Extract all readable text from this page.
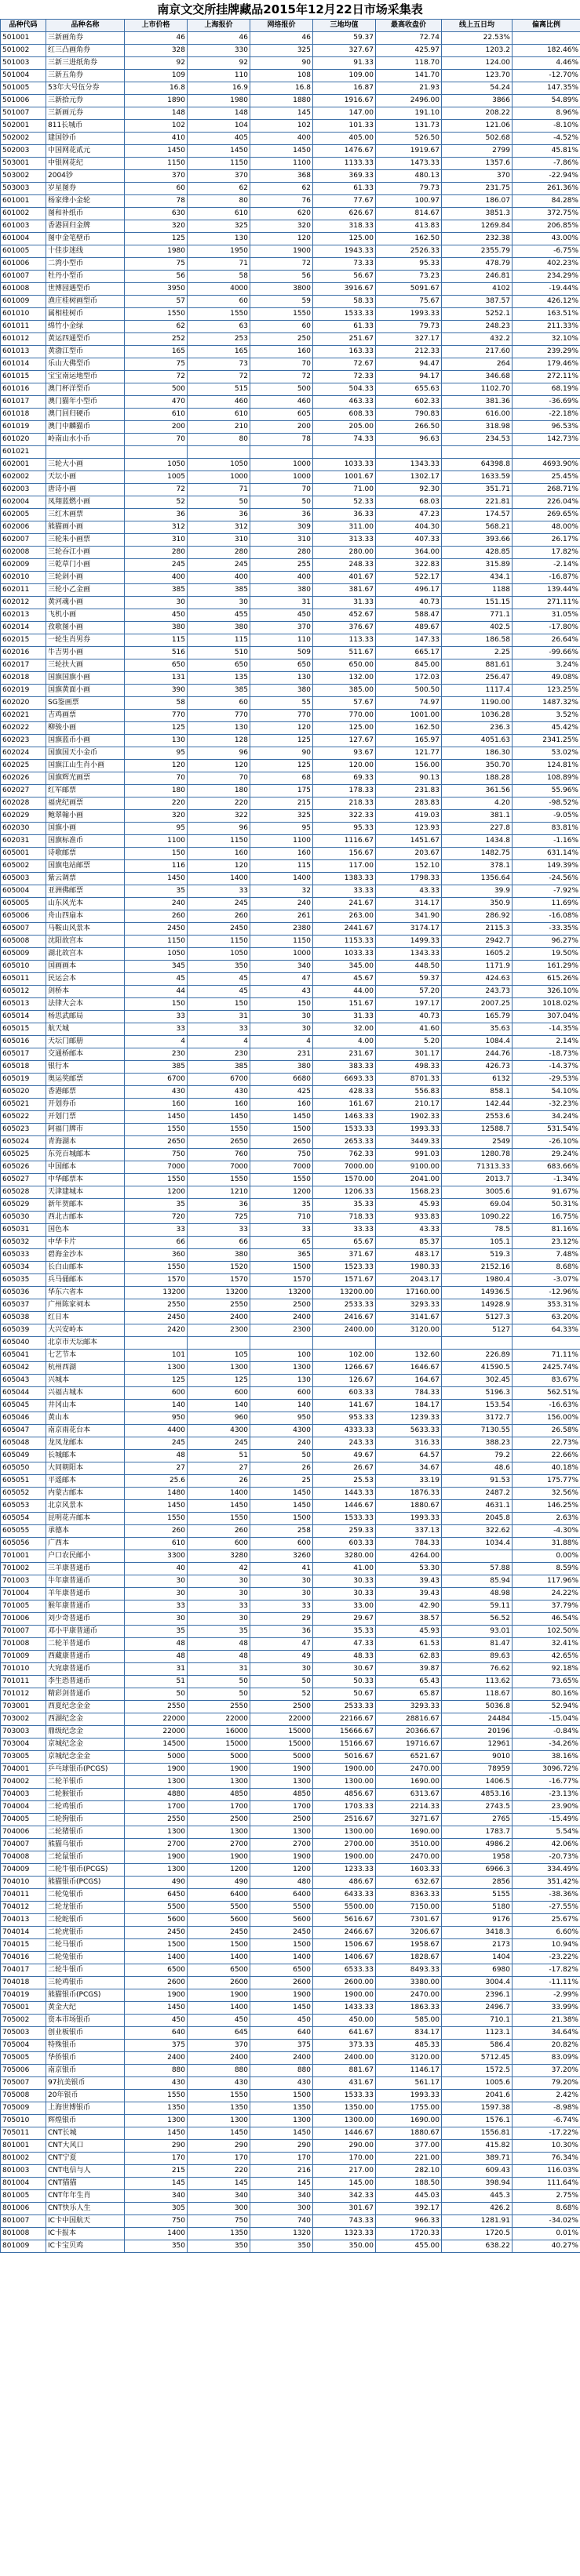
南京文交所挂牌藏品2015年12月22日市场采集表
品种代码	品种名称	上市价格	上海报价	网络报价	三地均值	最高收盘价	线上五日均	偏离比例
501001	三新画角券	46	46	46	59.37	72.74	22.53%	
501002	红三凸画角券	328	330	325	327.67	425.97	1203.2	182.46%
501003	三新三进纸角券	92	92	90	91.33	118.70	124.00	4.46%
501004	三新五角券	109	110	108	109.00	141.70	123.70	-12.70%
501005	53年大号伍分券	16.8	16.9	16.8	16.87	21.93	54.24	147.35%
501006	三新拾元券	1890	1980	1880	1916.67	2496.00	3866	54.89%
501007	三新画元券	148	148	145	147.00	191.10	208.22	8.96%
502001	811长城币	102	104	102	101.33	131.73	121.06	-8.10%
502002	建国钞币	410	405	400	405.00	526.50	502.68	-4.52%
502003	中国网花贰元	1450	1450	1450	1476.67	1919.67	2799	45.81%
503001	中银网花纪	1150	1150	1100	1133.33	1473.33	1357.6	-7.86%
503002	2004钞	370	370	368	369.33	480.13	370	-22.94%
503003	岁星图券	60	62	62	61.33	79.73	231.75	261.36%
601001	杨家烽小金轮	78	80	76	77.67	100.97	186.07	84.28%
601002	图和补纸币	630	610	620	626.67	814.67	3851.3	372.75%
601003	香港回归金牌	320	325	320	318.33	413.83	1269.84	206.85%
601004	图中金笔壁币	125	130	120	125.00	162.50	232.38	43.00%
601005	十佳步迷线	1980	1950	1900	1943.33	2526.33	2355.79	-6.75%
601006	二湾小型币	75	71	72	73.33	95.33	478.79	402.23%
601007	牡丹小型币	56	58	56	56.67	73.23	246.81	234.29%
601008	世博园遇型币	3950	4000	3800	3916.67	5091.67	4102	-19.44%
601009	渔庄桂树画型币	57	60	59	58.33	75.67	387.57	426.12%
601010	属相桂树币	1550	1550	1550	1533.33	1993.33	5252.1	163.51%
601011	绵竹小金绿	62	63	60	61.33	79.73	248.23	211.33%
601012	黄运四通型币	252	253	250	251.67	327.17	432.2	32.10%
601013	黄渤江型币	165	165	160	163.33	212.33	217.60	239.29%
601014	乐山大佛型币	75	73	70	72.67	94.47	264	179.46%
601015	宝宝南运地型币	72	72	72	72.33	94.17	346.68	272.11%
601016	澳门杯洋型币	500	515	500	504.33	655.63	1102.70	68.19%
601017	澳门猫年小型币	470	460	460	463.33	602.33	381.36	-36.69%
601018	澳门回归硬币	610	610	605	608.33	790.83	616.00	-22.18%
601019	澳门中麟猫币	200	210	200	205.00	266.50	318.98	96.53%
601020	岭南山水小币	70	80	78	74.33	96.63	234.53	142.73%
601021								
602001	三轮大小画	1050	1050	1000	1033.33	1343.33	64398.8	4693.90%
602002	天坛小画	1005	1000	1000	1001.67	1302.17	1633.59	25.45%
602003	唐诗小画	72	71	70	71.00	92.30	351.71	268.71%
602004	凤翔蓝燃小画	52	50	50	52.33	68.03	221.81	226.04%
602005	三红木画票	36	36	36	36.33	47.23	174.57	269.65%
602006	熊猫画小画	312	312	309	311.00	404.30	568.21	48.00%
602007	三轮朱小画票	310	310	310	313.33	407.33	393.66	26.17%
602008	三轮吞江小画	280	280	280	280.00	364.00	428.85	17.82%
602009	三乾草门小画	245	245	255	248.33	322.83	315.89	-2.14%
602010	三轮剁小画	400	400	400	401.67	522.17	434.1	-16.87%
602011	三轮小乙金画	385	385	380	381.67	496.17	1188	139.44%
602012	黄河魂小画	30	30	31	31.33	40.73	151.15	271.11%
602013	飞机小画	450	455	450	452.67	588.47	771.1	31.05%
602014	孜歌图小画	380	380	370	376.67	489.67	402.5	-17.80%
602015	一轮生肖男券	115	115	110	113.33	147.33	186.58	26.64%
602016	牛吉男小画	516	510	509	511.67	665.17	2.25	-99.66%
602017	三轮扶大画	650	650	650	650.00	845.00	881.61	3.24%
602018	国旗国旗小画	131	135	130	132.00	172.03	256.47	49.08%
602019	国旗黄面小画	390	385	380	385.00	500.50	1117.4	123.25%
602020	SG鉴画票	58	60	55	57.67	74.97	1190.00	1487.32%
602021	吉鸡画票	770	770	770	770.00	1001.00	1036.28	3.52%
602022	柳骏小画	125	130	120	125.00	162.50	236.3	45.42%
602023	国旗蓝币小画	130	128	125	127.67	165.97	4051.63	2341.25%
602024	国旗国天小金币	95	96	90	93.67	121.77	186.30	53.02%
602025	国旗江山生肖小画	120	120	125	120.00	156.00	350.70	124.81%
602026	国旗辉光画票	70	70	68	69.33	90.13	188.28	108.89%
602027	红军邮票	180	180	175	178.33	231.83	361.56	55.96%
602028	福虎纪画票	220	220	215	218.33	283.83	4.20	-98.52%
602029	鲍翠翰小画	320	322	325	322.33	419.03	381.1	-9.05%
602030	国旗小画	95	96	95	95.33	123.93	227.8	83.81%
602031	国旗标准币	1100	1150	1100	1116.67	1451.67	1434.8	-1.16%
605001	诗歌邮票	150	160	160	156.67	203.67	1482.75	631.14%
605002	国旗电站邮票	116	120	115	117.00	152.10	378.1	149.39%
605003	紫云调票	1450	1400	1400	1383.33	1798.33	1356.64	-24.56%
605004	亚洲佛邮票	35	33	32	33.33	43.33	39.9	-7.92%
605005	山东风光本	240	245	240	241.67	314.17	350.9	11.69%
605006	舟山四扇本	260	260	261	263.00	341.90	286.92	-16.08%
605007	马鞍山风景本	2450	2450	2380	2441.67	3174.17	2115.3	-33.35%
605008	沈阳故宫本	1150	1150	1150	1153.33	1499.33	2942.7	96.27%
605009	湖北故宫本	1050	1050	1000	1033.33	1343.33	1605.2	19.50%
605010	国画画本	345	350	340	345.00	448.50	1171.9	161.29%
605011	民运会本	45	45	47	45.67	59.37	424.63	615.26%
605012	剑桥本	44	45	43	44.00	57.20	243.73	326.10%
605013	法律大会本	150	150	150	151.67	197.17	2007.25	1018.02%
605014	杨思武邮局	33	31	30	31.33	40.73	165.79	307.04%
605015	航天城	33	33	30	32.00	41.60	35.63	-14.35%
605016	天坛门邮册	4	4	4	4.00	5.20	1084.4	2.14%
605017	交通桥邮本	230	230	231	231.67	301.17	244.76	-18.73%
605018	银行本	385	385	380	383.33	498.33	426.73	-14.37%
605019	奥运奖邮票	6700	6700	6680	6693.33	8701.33	6132	-29.53%
605020	香港邮票	430	430	425	428.33	556.83	858.1	54.10%
605021	开划券币	160	160	160	161.67	210.17	142.44	-32.23%
605022	开划门票	1450	1450	1450	1463.33	1902.33	2553.6	34.24%
605023	阿福门牌市	1550	1550	1500	1533.33	1993.33	12588.7	531.54%
605024	青海湖本	2650	2650	2650	2653.33	3449.33	2549	-26.10%
605025	东莞百城邮本	750	760	750	762.33	991.03	1280.78	29.24%
605026	中国邮本	7000	7000	7000	7000.00	9100.00	71313.33	683.66%
605027	中华邮票本	1550	1550	1550	1570.00	2041.00	2013.7	-1.34%
605028	天津建城本	1200	1210	1200	1206.33	1568.23	3005.6	91.67%
605029	新年贺邮本	35	36	35	35.33	45.93	69.04	50.31%
605030	西北古邮本	720	725	710	718.33	933.83	1090.22	16.75%
605031	国色本	33	33	33	33.33	43.33	78.5	81.16%
605032	中华卡片	66	66	65	65.67	85.37	105.1	23.12%
605033	碧海金沙本	360	380	365	371.67	483.17	519.3	7.48%
605034	长白山邮本	1550	1520	1500	1523.33	1980.33	2152.16	8.68%
605035	兵马俑邮本	1570	1570	1570	1571.67	2043.17	1980.4	-3.07%
605036	华东六省本	13200	13200	13200	13200.00	17160.00	14936.5	-12.96%
605037	广州陈家祠本	2550	2550	2500	2533.33	3293.33	14928.9	353.31%
605038	红日本	2450	2400	2400	2416.67	3141.67	5127.3	63.20%
605039	大兴安岭本	2420	2300	2300	2400.00	3120.00	5127	64.33%
605040	北京市天坛邮本							
605041	七艺节本	101	105	100	102.00	132.60	226.89	71.11%
605042	杭州西湖	1300	1300	1300	1266.67	1646.67	41590.5	2425.74%
605043	兴城本	125	125	130	126.67	164.67	302.45	83.67%
605044	兴福古城本	600	600	600	603.33	784.33	5196.3	562.51%
605045	井冈山本	140	140	140	141.67	184.17	153.54	-16.63%
605046	黄山本	950	960	950	953.33	1239.33	3172.7	156.00%
605047	南京雨花台本	4400	4300	4300	4333.33	5633.33	7130.55	26.58%
605048	龙凤龙邮本	245	245	240	243.33	316.33	388.23	22.73%
605049	长城邮本	48	51	50	49.67	64.57	79.2	22.66%
605050	大同朝阳本	27	27	26	26.67	34.67	48.6	40.18%
605051	平遥邮本	25.6	26	25	25.53	33.19	91.53	175.77%
605052	内蒙古邮本	1480	1400	1450	1443.33	1876.33	2487.2	32.56%
605053	北京风景本	1450	1450	1450	1446.67	1880.67	4631.1	146.25%
605054	昆明花卉邮本	1550	1550	1500	1533.33	1993.33	2045.8	2.63%
605055	承德本	260	260	258	259.33	337.13	322.62	-4.30%
605056	广西本	610	600	600	603.33	784.33	1034.4	31.88%
701001	户口农民邮小	3300	3280	3260	3280.00	4264.00		0.00%
701002	三羊康普通币	40	42	41	41.00	53.30	57.88	8.59%
701003	牛年康普通币	30	30	30	30.33	39.43	85.94	117.96%
701004	羊年康普通币	30	30	30	30.33	39.43	48.98	24.22%
701005	猴年康普通币	33	33	33	33.00	42.90	59.11	37.79%
701006	刘少奇普通币	30	30	29	29.67	38.57	56.52	46.54%
701007	邓小平康普通币	35	35	36	35.33	45.93	93.01	102.50%
701008	二轮羊普通币	48	48	47	47.33	61.53	81.47	32.41%
701009	西藏康普通币	48	48	49	48.33	62.83	89.63	42.65%
701010	大宛康普通币	31	31	30	30.67	39.87	76.62	92.18%
701011	李生恐普通币	51	50	50	50.33	65.43	113.62	73.65%
701012	精彩剑普通币	50	50	52	50.67	65.87	118.67	80.16%
703001	西夏纪念金金	2550	2550	2500	2533.33	3293.33	5036.8	52.94%
703002	西湖纪念金	22000	22000	22000	22166.67	28816.67	24484	-15.04%
703003	鼎级纪念金	22000	16000	15000	15666.67	20366.67	20196	-0.84%
703004	京城纪念金	14500	15000	15000	15166.67	19716.67	12961	-34.26%
703005	京城纪念金金	5000	5000	5000	5016.67	6521.67	9010	38.16%
704001	乒乓球银币(PCGS)	1900	1900	1900	1900.00	2470.00	78959	3096.72%
704002	二轮羊银币	1300	1300	1300	1300.00	1690.00	1406.5	-16.77%
704003	二轮猴银币	4880	4850	4850	4856.67	6313.67	4853.16	-23.13%
704004	二轮鸡银币	1700	1700	1700	1703.33	2214.33	2743.5	23.90%
704005	二轮狗银币	2550	2500	2500	2516.67	3271.67	2765	-15.49%
704006	二轮猪银币	1300	1300	1300	1300.00	1690.00	1783.7	5.54%
704007	熊猫乌银币	2700	2700	2700	2700.00	3510.00	4986.2	42.06%
704008	二轮鼠银币	1900	1900	1900	1900.00	2470.00	1958	-20.73%
704009	二轮牛银币(PCGS)	1300	1200	1200	1233.33	1603.33	6966.3	334.49%
704010	熊猫银币(PCGS)	490	490	480	486.67	632.67	2856	351.42%
704011	二轮兔银币	6450	6400	6400	6433.33	8363.33	5155	-38.36%
704012	二轮龙银币	5500	5500	5500	5500.00	7150.00	5180	-27.55%
704013	二轮蛇银币	5600	5600	5600	5616.67	7301.67	9176	25.67%
704014	二轮虎银币	2450	2450	2450	2466.67	3206.67	3418.3	6.60%
704015	二轮马银币	1500	1500	1500	1506.67	1958.67	2173	10.94%
704016	二轮兔银币	1400	1400	1400	1406.67	1828.67	1404	-23.22%
704017	二轮牛银币	6500	6500	6500	6533.33	8493.33	6980	-17.82%
704018	三轮鸡银币	2600	2600	2600	2600.00	3380.00	3004.4	-11.11%
704019	熊猫银币(PCGS)	1900	1900	1900	1900.00	2470.00	2396.1	-2.99%
705001	黄金大纪	1450	1400	1450	1433.33	1863.33	2496.7	33.99%
705002	资本市场银币	450	450	450	450.00	585.00	710.1	21.38%
705003	创业板银币	640	645	640	641.67	834.17	1123.1	34.64%
705004	特殊银币	375	370	375	373.33	485.33	586.4	20.82%
705005	华侨银币	2400	2400	2400	2400.00	3120.00	5712.45	83.09%
705006	南京银币	880	880	880	881.67	1146.17	1572.5	37.20%
705007	97抗美银币	430	430	430	431.67	561.17	1005.6	79.20%
705008	20年银币	1550	1550	1500	1533.33	1993.33	2041.6	2.42%
705009	上海世博银币	1350	1350	1350	1350.00	1755.00	1597.38	-8.98%
705010	辉煌银币	1300	1300	1300	1300.00	1690.00	1576.1	-6.74%
705011	CNT长城	1450	1450	1450	1446.67	1880.67	1556.81	-17.22%
801001	CNT大风口	290	290	290	290.00	377.00	415.82	10.30%
801002	CNT宁夏	170	170	170	170.00	221.00	389.71	76.34%
801003	CNT电信与人	215	220	216	217.00	282.10	609.43	116.03%
801004	CNT猫猫	145	145	145	145.00	188.50	398.94	111.64%
801005	CNT年年生肖	340	340	340	342.33	445.03	445.3	2.75%
801006	CNT快乐人生	305	300	300	301.67	392.17	426.2	8.68%
801007	IC卡中国航天	750	750	740	743.33	966.33	1281.91	-34.02%
801008	IC卡报本	1400	1350	1320	1323.33	1720.33	1720.5	0.01%
801009	IC卡宝贝鸡	350	350	350	350.00	455.00	638.22	40.27%
